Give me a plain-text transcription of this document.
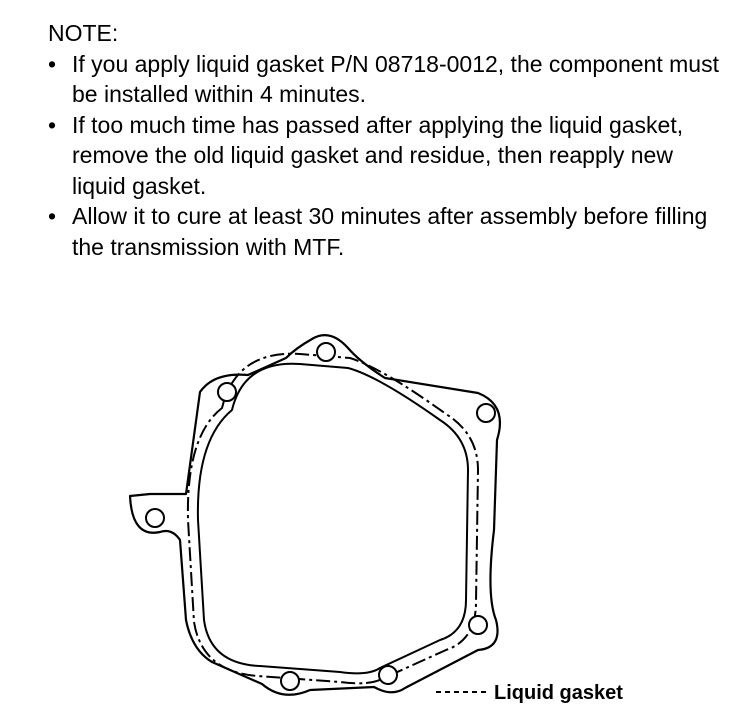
NOTE:
• If you apply liquid gasket P/N 08718-0012, the component must be installed within 4 minutes.
• If too much time has passed after applying the liquid gasket, remove the old liquid gasket and residue, then reapply new liquid gasket.
• Allow it to cure at least 30 minutes after assembly before filling the transmission with MTF.
Liquid gasket
